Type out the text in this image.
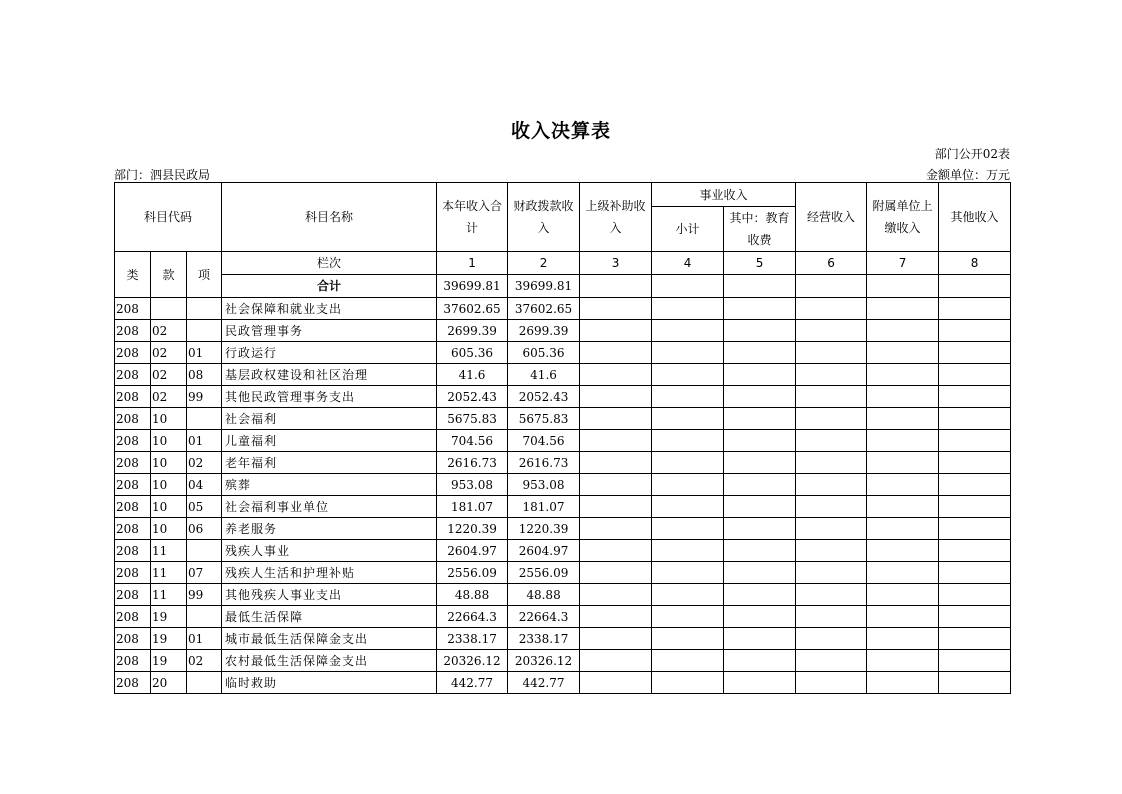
收入决算表
部门公开02表
部门：泗县民政局	金额单位：万元
科目代码			科目名称	本年收入合计	财政拨款收入	上级补助收入	事业收入		经营收入	附属单位上缴收入	其他收入
							小计	其中：教育收费			
类	款	项	栏次	1	2	3	4	5	6	7	8
			合计	39699.81	39699.81						
208			社会保障和就业支出	37602.65	37602.65						
208	02		民政管理事务	2699.39	2699.39						
208	02	01	行政运行	605.36	605.36						
208	02	08	基层政权建设和社区治理	41.6	41.6						
208	02	99	其他民政管理事务支出	2052.43	2052.43						
208	10		社会福利	5675.83	5675.83						
208	10	01	儿童福利	704.56	704.56						
208	10	02	老年福利	2616.73	2616.73						
208	10	04	殡葬	953.08	953.08						
208	10	05	社会福利事业单位	181.07	181.07						
208	10	06	养老服务	1220.39	1220.39						
208	11		残疾人事业	2604.97	2604.97						
208	11	07	残疾人生活和护理补贴	2556.09	2556.09						
208	11	99	其他残疾人事业支出	48.88	48.88						
208	19		最低生活保障	22664.3	22664.3						
208	19	01	城市最低生活保障金支出	2338.17	2338.17						
208	19	02	农村最低生活保障金支出	20326.12	20326.12						
208	20		临时救助	442.77	442.77						
